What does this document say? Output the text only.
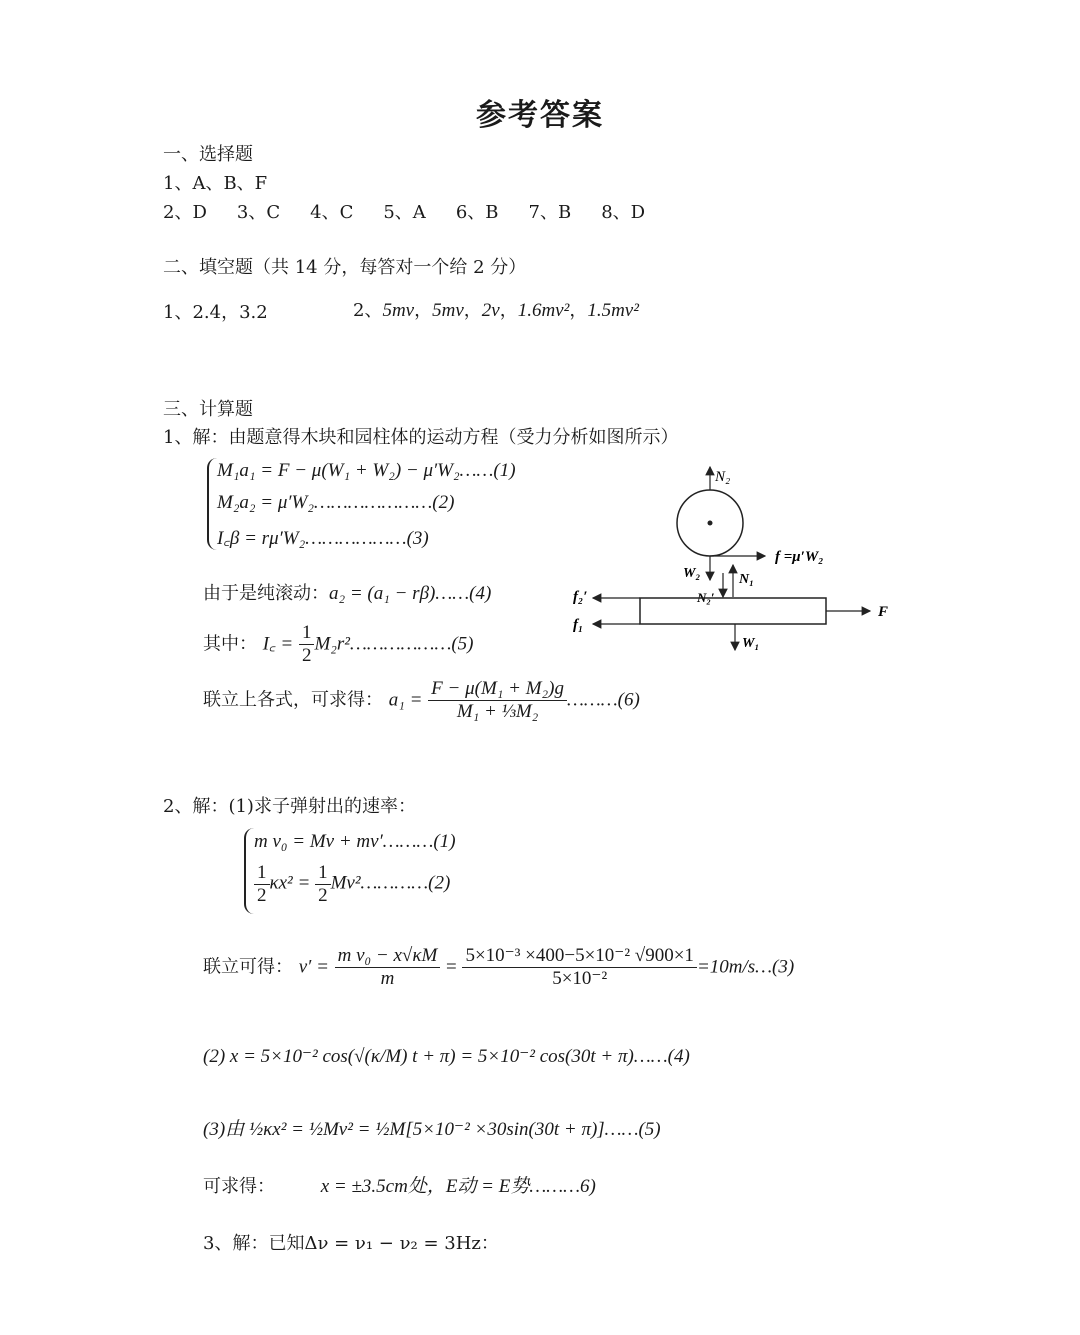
参考答案
一、选择题
1、A、B、F
2、D 3、C 4、C 5、A 6、B 7、B 8、D
二、填空题（共 14 分，每答对一个给 2 分）
1、2.4，3.2	2、5mv，5mv，2v，1.6mv²，1.5mv²
三、计算题
1、解：由题意得木块和园柱体的运动方程（受力分析如图所示）
M₁a₁ = F − μ(W₁ + W₂) − μ′W₂……(1)
M₂a₂ = μ′W₂…………………(2)
I꜀β = rμ′W₂………………(3)
由于是纯滚动：a₂ = (a₁ − rβ)……(4)
其中： I꜀ = $\frac{1}{2}$ M₂r²………………(5)
联立上各式，可求得： $a_1 = \frac{\text{F − μ(M₁ + M₂)g}}{\text{M₁ + ⅓M₂}}$ ………(6)
N₂
f =μ′W₂
W₂	N₁
N₂′
f₂′
f₁
F
W₁
2、解：(1)求子弹射出的速率：
m v₀ = Mv + mv′………(1)
$\frac{1}{2} \kappa x^2 = \frac{1}{2}$ Mv²…………(2)
联立可得： $v' = \frac{\text{m v₀ − x√κM}}{m} = \frac{\text{5×10⁻³ ×400−5×10⁻² √900×1}}{\text{5×10⁻²}}$ =10m/s…(3)
(2) x = 5×10⁻² cos(√(κ/M) t + π) = 5×10⁻² cos(30t + π)……(4)
(3)由 ½κx² = ½Mv² = ½M[5×10⁻² ×30sin(30t + π)]……(5)
可求得： x = ±3.5cm处，E动 = E势………6)
3、解：已知Δν = ν₁ − ν₂ = 3Hz：
